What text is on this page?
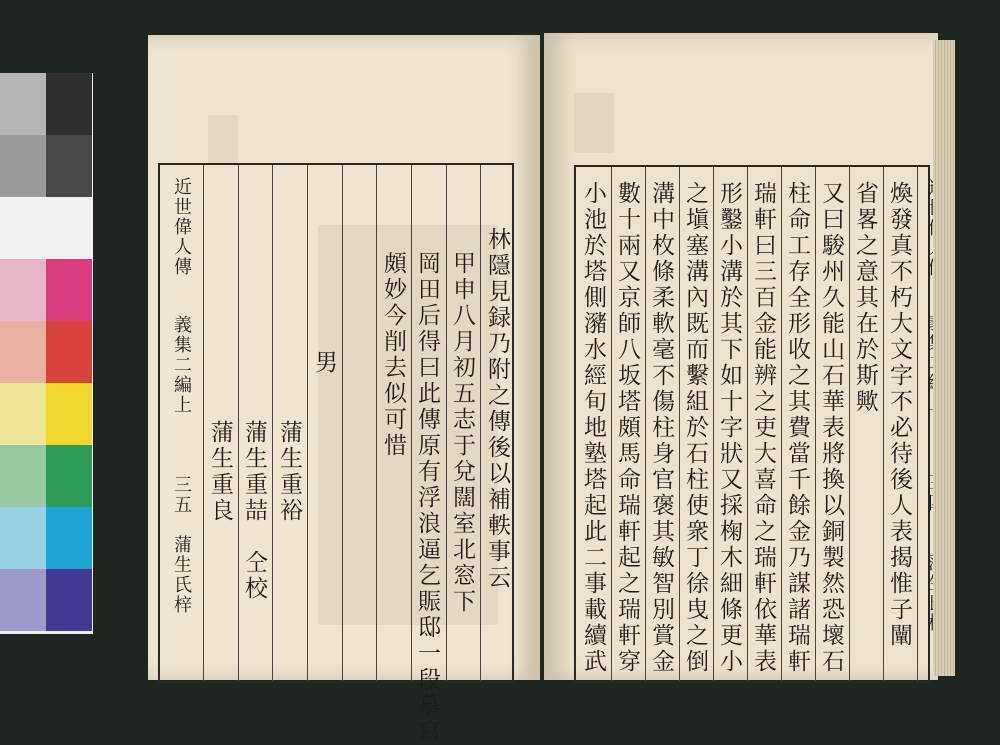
近世偉人傳
義集二編上
三五
蒲生氏梓	林隱見録乃附之傳後以補軼事云
甲申八月初五志于兌闊室北窓下
岡田后得曰此傳原有浮浪逼乞賑邸一段摹寫
頗妙今削去似可惜
男
蒲生重裕
蒲生重喆　仝校
蒲生重良	煥發真不朽大文字不必待後人表揭惟子闡
省畧之意其在於斯歟
又曰駿州久能山石華表將換以銅製然恐壞石
柱命工存全形收之其費當千餘金乃謀諸瑞軒
瑞軒曰三百金能辨之吏大喜命之瑞軒依華表
形鑿小溝於其下如十字狀又採椈木細條更小
之塡塞溝內既而繫組於石柱使衆丁徐曳之倒
溝中枚條柔軟毫不傷柱身官褒其敏智別賞金
數十兩又京師八坂塔頗馬命瑞軒起之瑞軒穿
小池於塔側瀦水經旬地塾塔起此二事載續武
